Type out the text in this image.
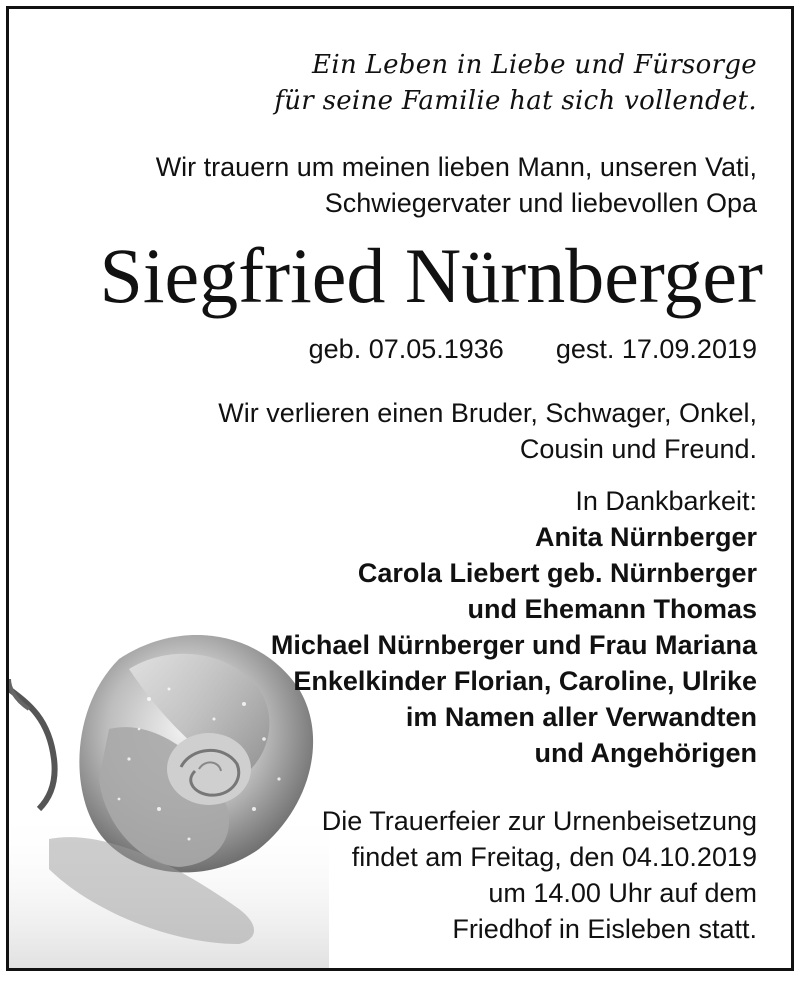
Ein Leben in Liebe und Fürsorge
für seine Familie hat sich vollendet.
Wir trauern um meinen lieben Mann, unseren Vati,
Schwiegervater und liebevollen Opa
Siegfried Nürnberger
geb. 07.05.1936 gest. 17.09.2019
Wir verlieren einen Bruder, Schwager, Onkel,
Cousin und Freund.
In Dankbarkeit:
Anita Nürnberger
Carola Liebert geb. Nürnberger
und Ehemann Thomas
Michael Nürnberger und Frau Mariana
Enkelkinder Florian, Caroline, Ulrike
im Namen aller Verwandten
und Angehörigen
Die Trauerfeier zur Urnenbeisetzung
findet am Freitag, den 04.10.2019
um 14.00 Uhr auf dem
Friedhof in Eisleben statt.
